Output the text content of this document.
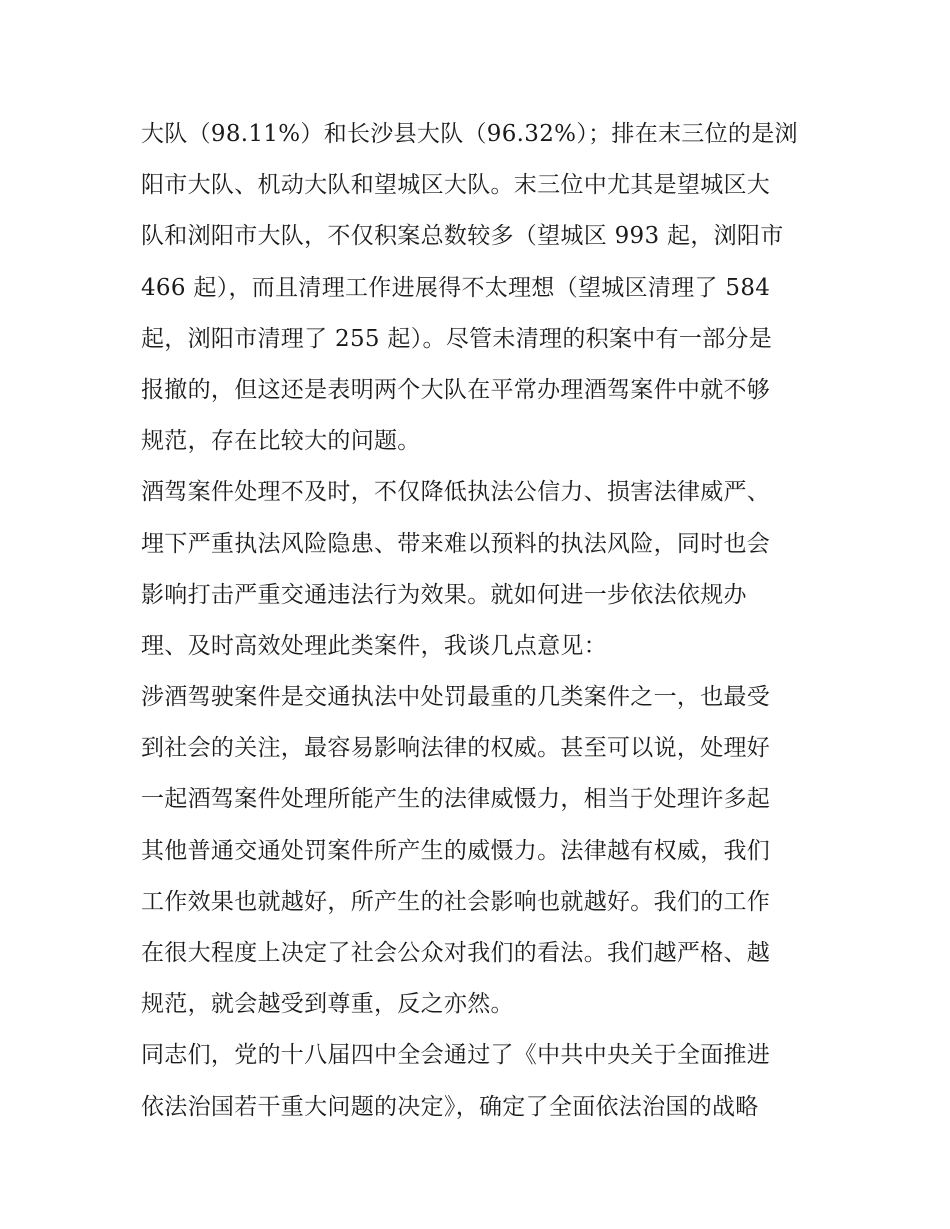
大队（98.11%）和长沙县大队（96.32%）；排在末三位的是浏
阳市大队、机动大队和望城区大队。末三位中尤其是望城区大
队和浏阳市大队，不仅积案总数较多（望城区 993 起，浏阳市
466 起），而且清理工作进展得不太理想（望城区清理了 584
起，浏阳市清理了 255 起）。尽管未清理的积案中有一部分是
报撤的，但这还是表明两个大队在平常办理酒驾案件中就不够
规范，存在比较大的问题。
酒驾案件处理不及时，不仅降低执法公信力、损害法律威严、
埋下严重执法风险隐患、带来难以预料的执法风险，同时也会
影响打击严重交通违法行为效果。就如何进一步依法依规办
理、及时高效处理此类案件，我谈几点意见：
涉酒驾驶案件是交通执法中处罚最重的几类案件之一，也最受
到社会的关注，最容易影响法律的权威。甚至可以说，处理好
一起酒驾案件处理所能产生的法律威慑力，相当于处理许多起
其他普通交通处罚案件所产生的威慑力。法律越有权威，我们
工作效果也就越好，所产生的社会影响也就越好。我们的工作
在很大程度上决定了社会公众对我们的看法。我们越严格、越
规范，就会越受到尊重，反之亦然。
同志们，党的十八届四中全会通过了《中共中央关于全面推进
依法治国若干重大问题的决定》，确定了全面依法治国的战略
